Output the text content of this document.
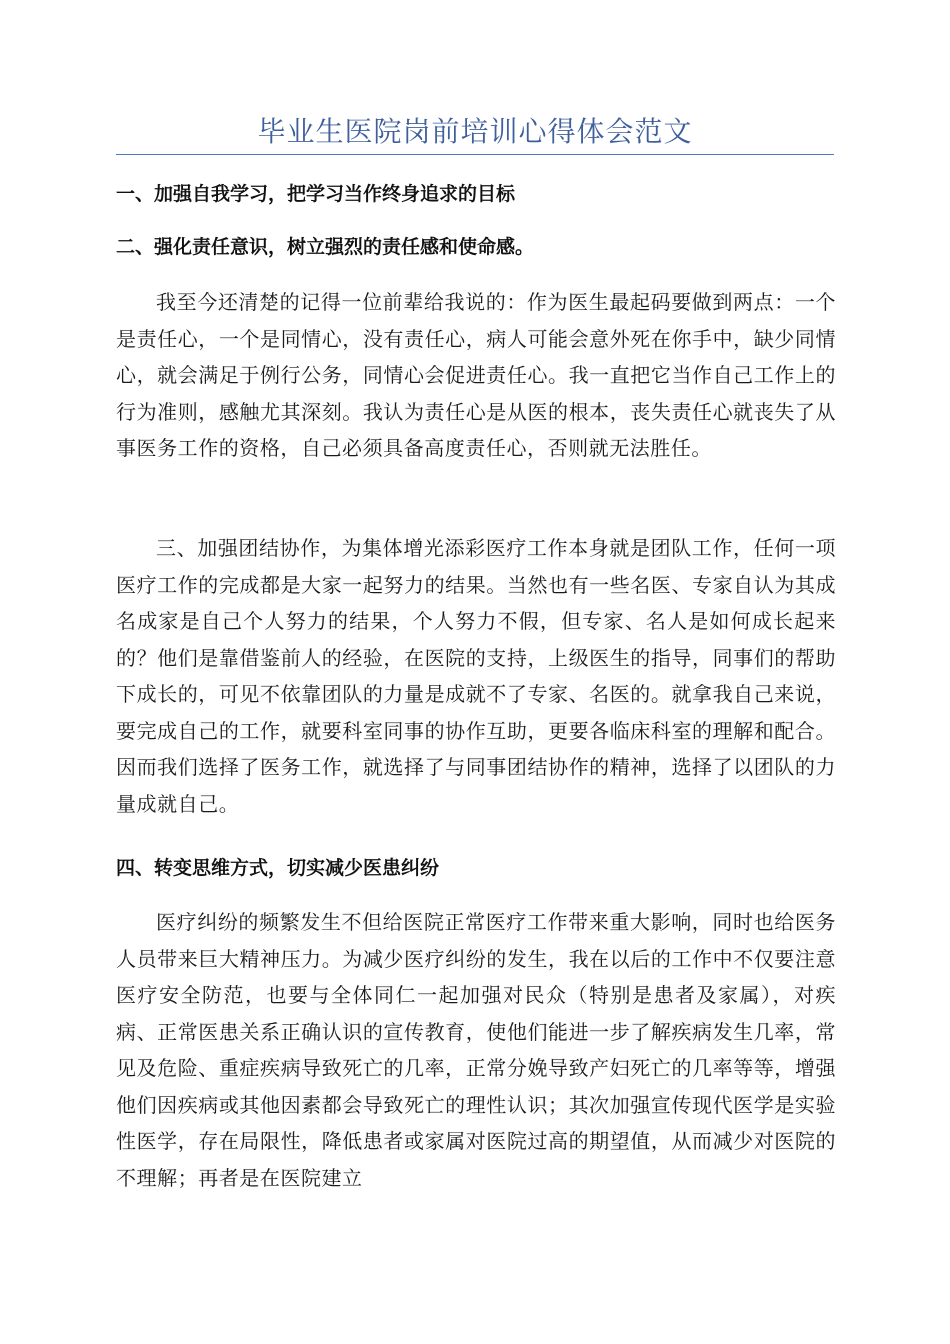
毕业生医院岗前培训心得体会范文
一、加强自我学习，把学习当作终身追求的目标
二、强化责任意识，树立强烈的责任感和使命感。

我至今还清楚的记得一位前辈给我说的：作为医生最起码要做到两点：一个是责任心，一个是同情心，没有责任心，病人可能会意外死在你手中，缺少同情心，就会满足于例行公务，同情心会促进责任心。我一直把它当作自己工作上的行为准则，感触尤其深刻。我认为责任心是从医的根本，丧失责任心就丧失了从事医务工作的资格，自己必须具备高度责任心，否则就无法胜任。

三、加强团结协作，为集体增光添彩医疗工作本身就是团队工作，任何一项医疗工作的完成都是大家一起努力的结果。当然也有一些名医、专家自认为其成名成家是自己个人努力的结果，个人努力不假，但专家、名人是如何成长起来的？他们是靠借鉴前人的经验，在医院的支持，上级医生的指导，同事们的帮助下成长的，可见不依靠团队的力量是成就不了专家、名医的。就拿我自己来说，要完成自己的工作，就要科室同事的协作互助，更要各临床科室的理解和配合。因而我们选择了医务工作，就选择了与同事团结协作的精神，选择了以团队的力量成就自己。

四、转变思维方式，切实减少医患纠纷

医疗纠纷的频繁发生不但给医院正常医疗工作带来重大影响，同时也给医务人员带来巨大精神压力。为减少医疗纠纷的发生，我在以后的工作中不仅要注意医疗安全防范，也要与全体同仁一起加强对民众（特别是患者及家属），对疾病、正常医患关系正确认识的宣传教育，使他们能进一步了解疾病发生几率，常见及危险、重症疾病导致死亡的几率，正常分娩导致产妇死亡的几率等等，增强他们因疾病或其他因素都会导致死亡的理性认识；其次加强宣传现代医学是实验性医学，存在局限性，降低患者或家属对医院过高的期望值，从而减少对医院的不理解；再者是在医院建立
